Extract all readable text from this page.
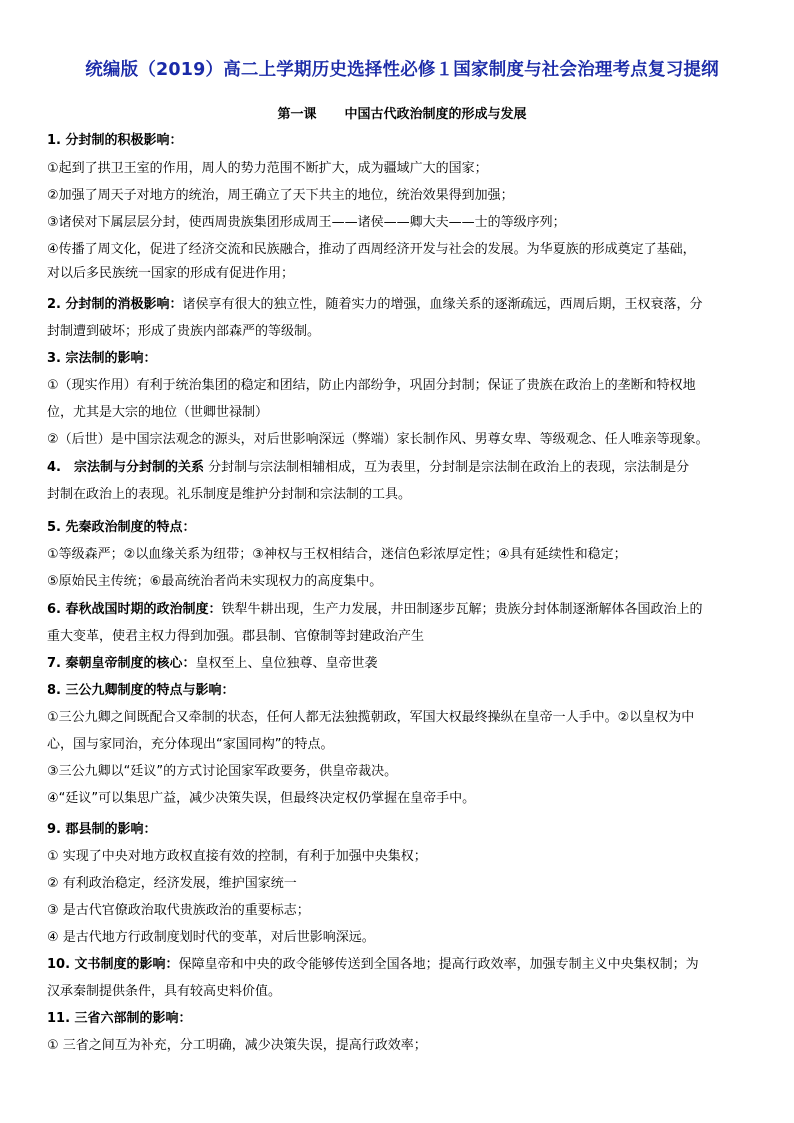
统编版（2019）高二上学期历史选择性必修１国家制度与社会治理考点复习提纲
第一课 中国古代政治制度的形成与发展
1. 分封制的积极影响：
①起到了拱卫王室的作用，周人的势力范围不断扩大，成为疆域广大的国家；
②加强了周天子对地方的统治，周王确立了天下共主的地位，统治效果得到加强；
③诸侯对下属层层分封，使西周贵族集团形成周王——诸侯——卿大夫——士的等级序列；
④传播了周文化，促进了经济交流和民族融合，推动了西周经济开发与社会的发展。为华夏族的形成奠定了基础，
对以后多民族统一国家的形成有促进作用；
2. 分封制的消极影响：诸侯享有很大的独立性，随着实力的增强，血缘关系的逐渐疏远，西周后期，王权衰落，分
封制遭到破坏；形成了贵族内部森严的等级制。
3. 宗法制的影响：
①（现实作用）有利于统治集团的稳定和团结，防止内部纷争，巩固分封制；保证了贵族在政治上的垄断和特权地
位，尤其是大宗的地位（世卿世禄制）
②（后世）是中国宗法观念的源头，对后世影响深远（弊端）家长制作风、男尊女卑、等级观念、任人唯亲等现象。
4.　宗法制与分封制的关系 分封制与宗法制相辅相成，互为表里，分封制是宗法制在政治上的表现，宗法制是分
封制在政治上的表现。礼乐制度是维护分封制和宗法制的工具。
5. 先秦政治制度的特点：
①等级森严；②以血缘关系为纽带；③神权与王权相结合，迷信色彩浓厚定性；④具有延续性和稳定；
⑤原始民主传统；⑥最高统治者尚未实现权力的高度集中。
6. 春秋战国时期的政治制度：铁犁牛耕出现，生产力发展，井田制逐步瓦解；贵族分封体制逐渐解体各国政治上的
重大变革，使君主权力得到加强。郡县制、官僚制等封建政治产生
7. 秦朝皇帝制度的核心：皇权至上、皇位独尊、皇帝世袭
8. 三公九卿制度的特点与影响：
①三公九卿之间既配合又牵制的状态，任何人都无法独揽朝政，军国大权最终操纵在皇帝一人手中。②以皇权为中
心，国与家同治，充分体现出“家国同构”的特点。
③三公九卿以“廷议”的方式讨论国家军政要务，供皇帝裁决。
④“廷议”可以集思广益，减少决策失误，但最终决定权仍掌握在皇帝手中。
9. 郡县制的影响：
① 实现了中央对地方政权直接有效的控制，有利于加强中央集权；
② 有利政治稳定，经济发展，维护国家统一
③ 是古代官僚政治取代贵族政治的重要标志；
④ 是古代地方行政制度划时代的变革，对后世影响深远。
10. 文书制度的影响：保障皇帝和中央的政令能够传送到全国各地；提高行政效率，加强专制主义中央集权制；为
汉承秦制提供条件，具有较高史料价值。
11. 三省六部制的影响：
① 三省之间互为补充，分工明确，减少决策失误，提高行政效率；
